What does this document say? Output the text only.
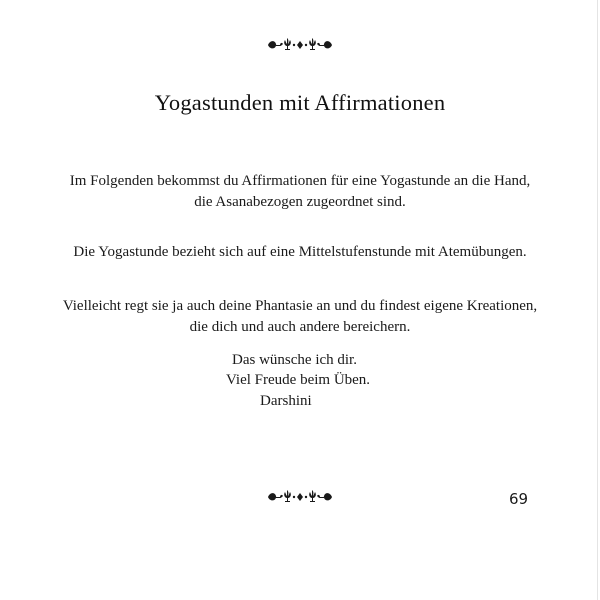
Yogastunden mit Affirmationen
Im Folgenden bekommst du Affirmationen für eine Yogastunde an die Hand, die Asanabezogen zugeordnet sind.
Die Yogastunde bezieht sich auf eine Mittelstufenstunde mit Atemübungen.
Vielleicht regt sie ja auch deine Phantasie an und du findest eigene Kreationen, die dich und auch andere bereichern.
Das wünsche ich dir.
Viel Freude beim Üben.
Darshini
69
